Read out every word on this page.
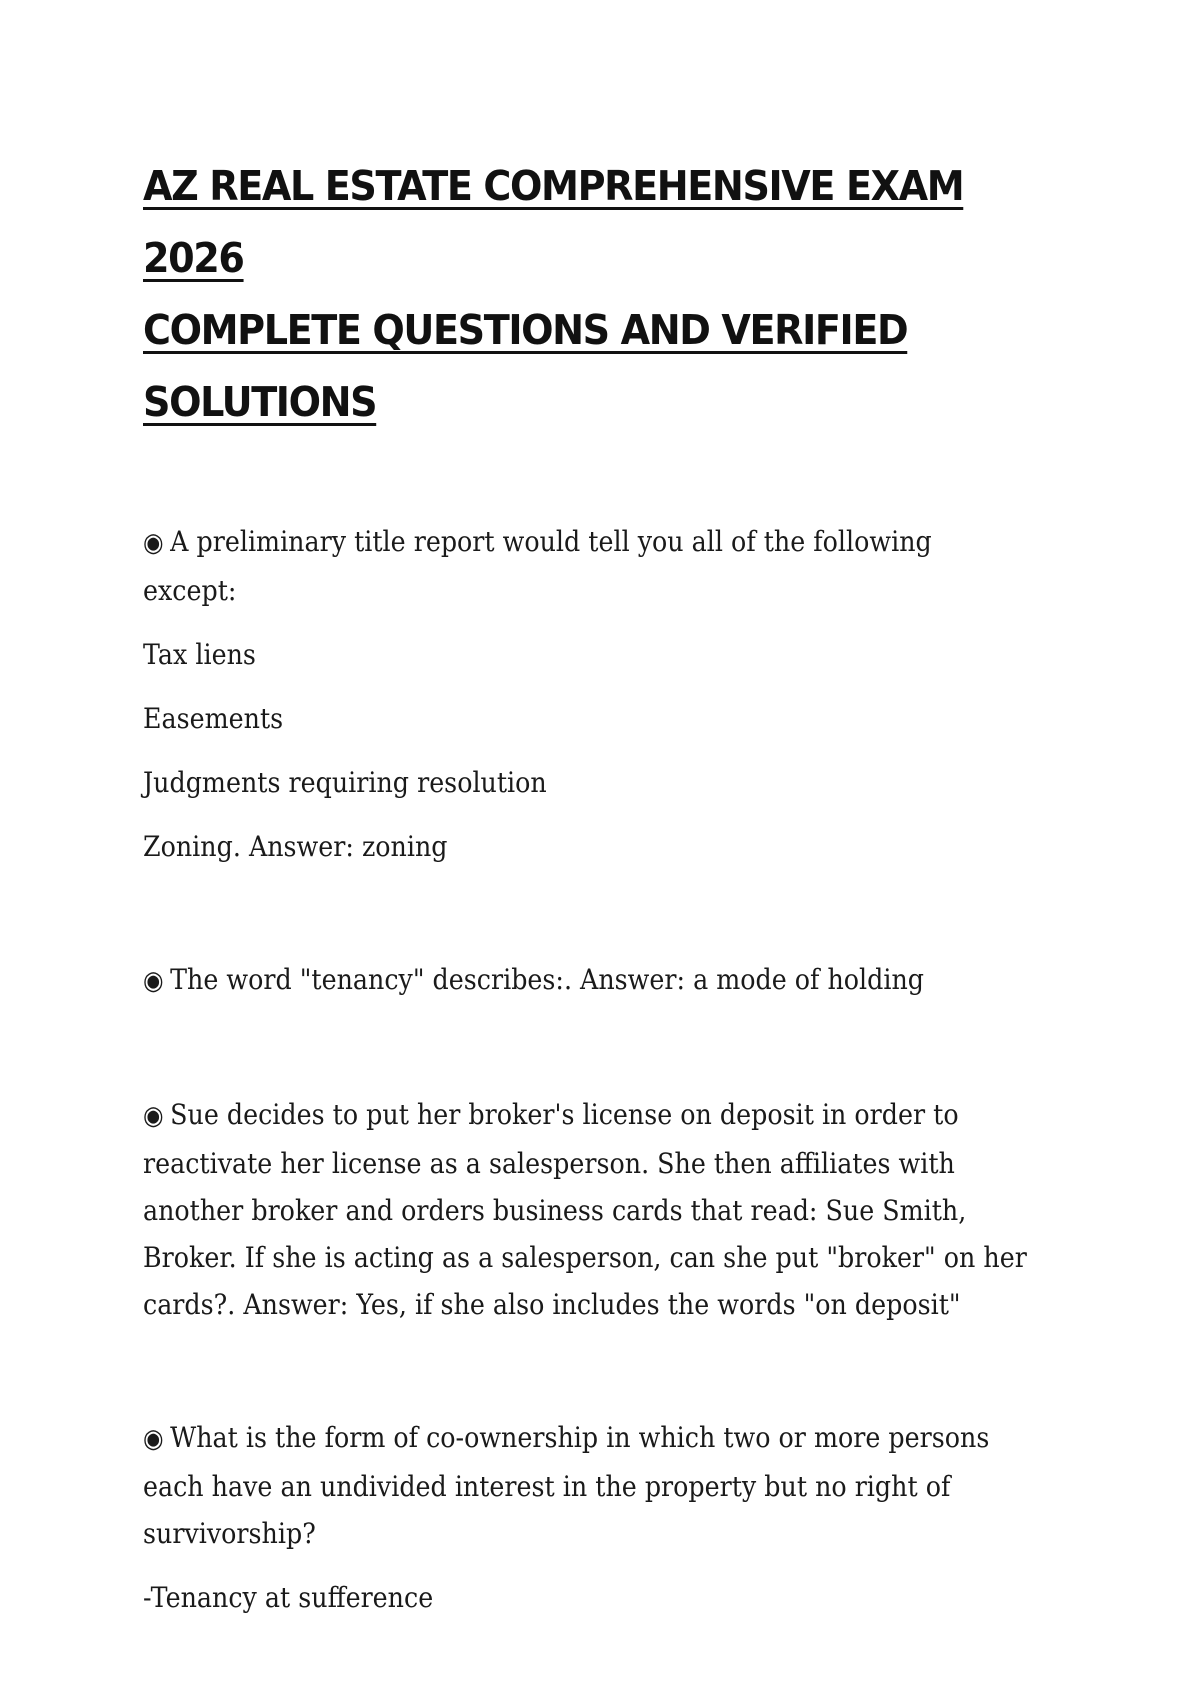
AZ REAL ESTATE COMPREHENSIVE EXAM 2026
COMPLETE QUESTIONS AND VERIFIED
SOLUTIONS

◉ A preliminary title report would tell you all of the following

except:

Tax liens

Easements

Judgments requiring resolution

Zoning. Answer: zoning

◉ The word "tenancy" describes:. Answer: a mode of holding

◉ Sue decides to put her broker's license on deposit in order to

reactivate her license as a salesperson. She then affiliates with

another broker and orders business cards that read: Sue Smith,

Broker. If she is acting as a salesperson, can she put "broker" on her

cards?. Answer: Yes, if she also includes the words "on deposit"

◉ What is the form of co-ownership in which two or more persons

each have an undivided interest in the property but no right of

survivorship?

-Tenancy at sufference
